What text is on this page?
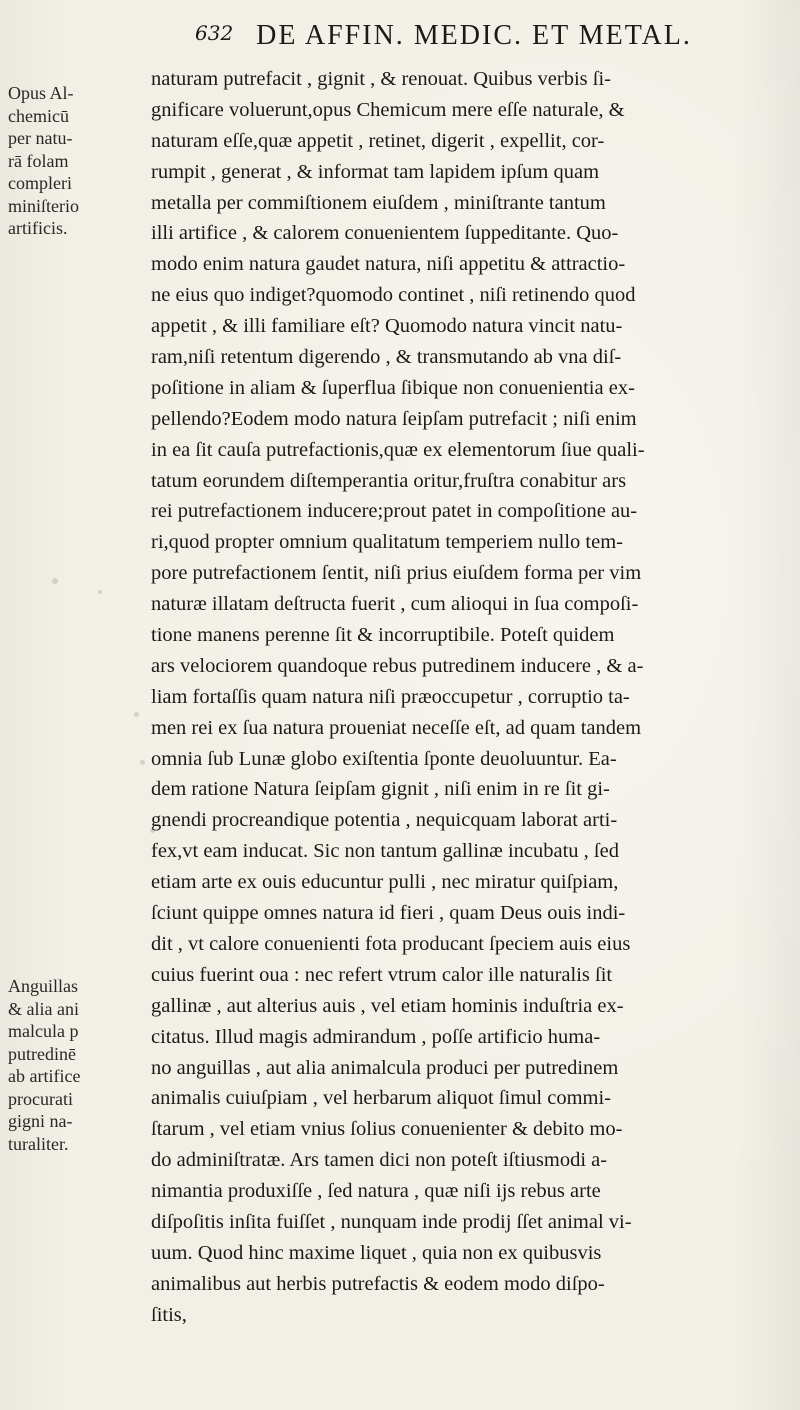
632 DE AFFIN. MEDIC. ET METAL.
Opus Al-
chemicū
per natu-
rā folam
compleri
miniſterio
artificis.
Anguillas
& alia ani
malcula p
putredinē
ab artifice
procurati
gigni na-
turaliter.
naturam putrefacit , gignit , & renouat. Quibus verbis ſi-
gnificare voluerunt,opus Chemicum mere eſſe naturale, &
naturam eſſe,quæ appetit , retinet, digerit , expellit, cor-
rumpit , generat , & informat tam lapidem ipſum quam
metalla per commiſtionem eiuſdem , miniſtrante tantum
illi artifice , & calorem conuenientem ſuppeditante. Quo-
modo enim natura gaudet natura, niſi appetitu & attractio-
ne eius quo indiget?quomodo continet , niſi retinendo quod
appetit , & illi familiare eſt? Quomodo natura vincit natu-
ram,niſi retentum digerendo , & transmutando ab vna diſ-
poſitione in aliam & ſuperflua ſibique non conuenientia ex-
pellendo?Eodem modo natura ſeipſam putrefacit ; niſi enim
in ea ſit cauſa putrefactionis,quæ ex elementorum ſiue quali-
tatum eorundem diſtemperantia oritur,fruſtra conabitur ars
rei putrefactionem inducere;prout patet in compoſitione au-
ri,quod propter omnium qualitatum temperiem nullo tem-
pore putrefactionem ſentit, niſi prius eiuſdem forma per vim
naturæ illatam deſtructa fuerit , cum alioqui in ſua compoſi-
tione manens perenne ſit & incorruptibile. Poteſt quidem
ars velociorem quandoque rebus putredinem inducere , & a-
liam fortaſſis quam natura niſi præoccupetur , corruptio ta-
men rei ex ſua natura proueniat neceſſe eſt, ad quam tandem
omnia ſub Lunæ globo exiſtentia ſponte deuoluuntur. Ea-
dem ratione Natura ſeipſam gignit , niſi enim in re ſit gi-
gnendi procreandique potentia , nequicquam laborat arti-
fex,vt eam inducat. Sic non tantum gallinæ incubatu , ſed
etiam arte ex ouis educuntur pulli , nec miratur quiſpiam,
ſciunt quippe omnes natura id fieri , quam Deus ouis indi-
dit , vt calore conuenienti fota producant ſpeciem auis eius
cuius fuerint oua : nec refert vtrum calor ille naturalis ſit
gallinæ , aut alterius auis , vel etiam hominis induſtria ex-
citatus. Illud magis admirandum , poſſe artificio huma-
no anguillas , aut alia animalcula produci per putredinem
animalis cuiuſpiam , vel herbarum aliquot ſimul commi-
ſtarum , vel etiam vnius ſolius conuenienter & debito mo-
do adminiſtratæ. Ars tamen dici non poteſt iſtiusmodi a-
nimantia produxiſſe , ſed natura , quæ niſi ijs rebus arte
diſpoſitis inſita fuiſſet , nunquam inde prodij ſſet animal vi-
uum. Quod hinc maxime liquet , quia non ex quibusvis
animalibus aut herbis putrefactis & eodem modo diſpo-
ſitis,
